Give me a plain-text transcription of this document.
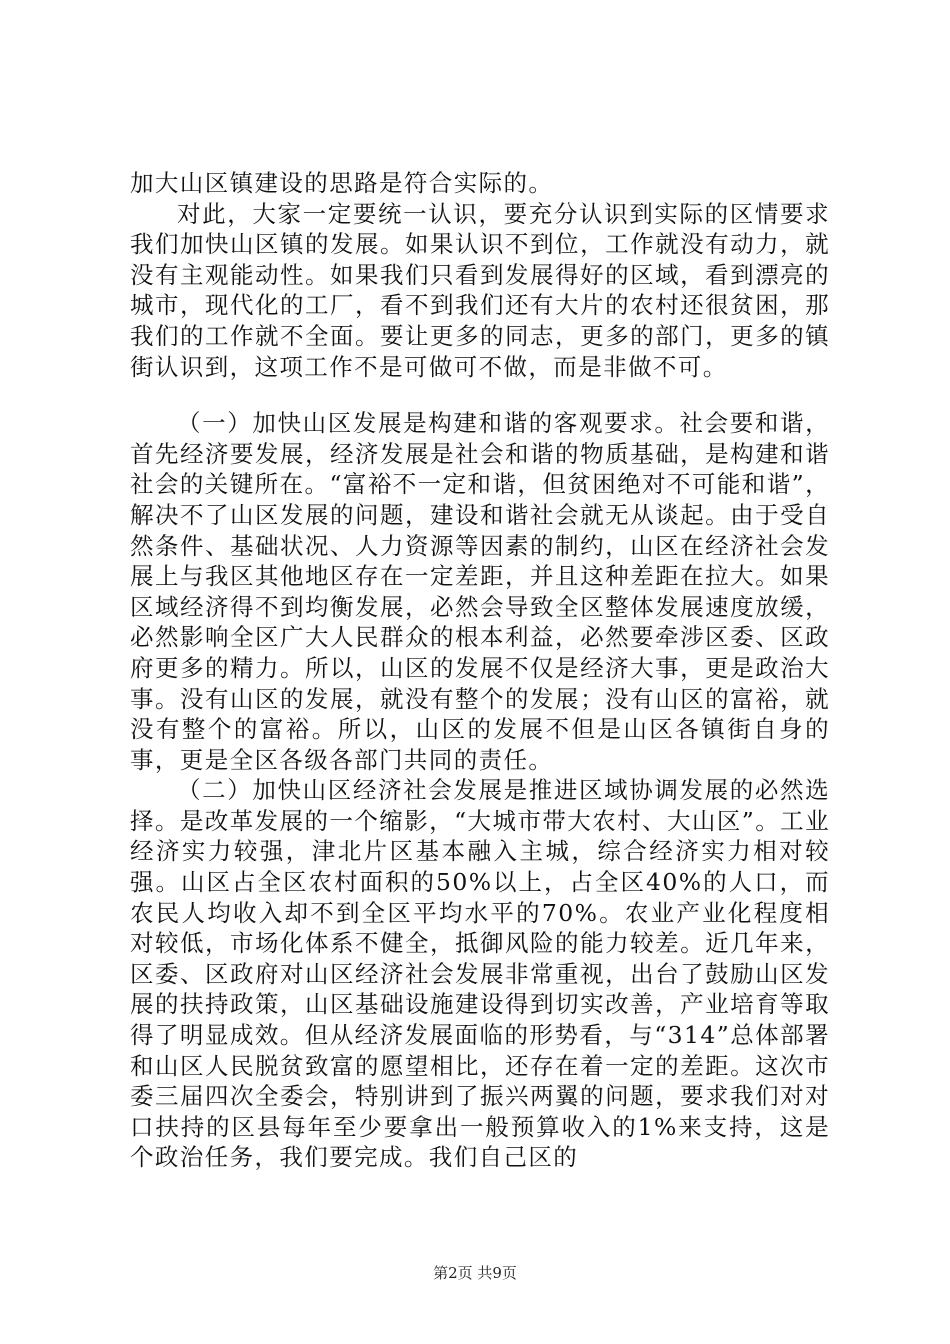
加大山区镇建设的思路是符合实际的。

对此，大家一定要统一认识，要充分认识到实际的区情要求我们加快山区镇的发展。如果认识不到位，工作就没有动力，就没有主观能动性。如果我们只看到发展得好的区域，看到漂亮的城市，现代化的工厂，看不到我们还有大片的农村还很贫困，那我们的工作就不全面。要让更多的同志，更多的部门，更多的镇街认识到，这项工作不是可做可不做，而是非做不可。

（一）加快山区发展是构建和谐的客观要求。社会要和谐，首先经济要发展，经济发展是社会和谐的物质基础，是构建和谐社会的关键所在。“富裕不一定和谐，但贫困绝对不可能和谐”，解决不了山区发展的问题，建设和谐社会就无从谈起。由于受自然条件、基础状况、人力资源等因素的制约，山区在经济社会发展上与我区其他地区存在一定差距，并且这种差距在拉大。如果区域经济得不到均衡发展，必然会导致全区整体发展速度放缓，必然影响全区广大人民群众的根本利益，必然要牵涉区委、区政府更多的精力。所以，山区的发展不仅是经济大事，更是政治大事。没有山区的发展，就没有整个的发展；没有山区的富裕，就没有整个的富裕。所以，山区的发展不但是山区各镇街自身的事，更是全区各级各部门共同的责任。

（二）加快山区经济社会发展是推进区域协调发展的必然选择。是改革发展的一个缩影，“大城市带大农村、大山区”。工业经济实力较强，津北片区基本融入主城，综合经济实力相对较强。山区占全区农村面积的50%以上，占全区40%的人口，而农民人均收入却不到全区平均水平的70%。农业产业化程度相对较低，市场化体系不健全，抵御风险的能力较差。近几年来，区委、区政府对山区经济社会发展非常重视，出台了鼓励山区发展的扶持政策，山区基础设施建设得到切实改善，产业培育等取得了明显成效。但从经济发展面临的形势看，与“314”总体部署和山区人民脱贫致富的愿望相比，还存在着一定的差距。这次市委三届四次全委会，特别讲到了振兴两翼的问题，要求我们对对口扶持的区县每年至少要拿出一般预算收入的1%来支持，这是个政治任务，我们要完成。我们自己区的

第2页 共9页
